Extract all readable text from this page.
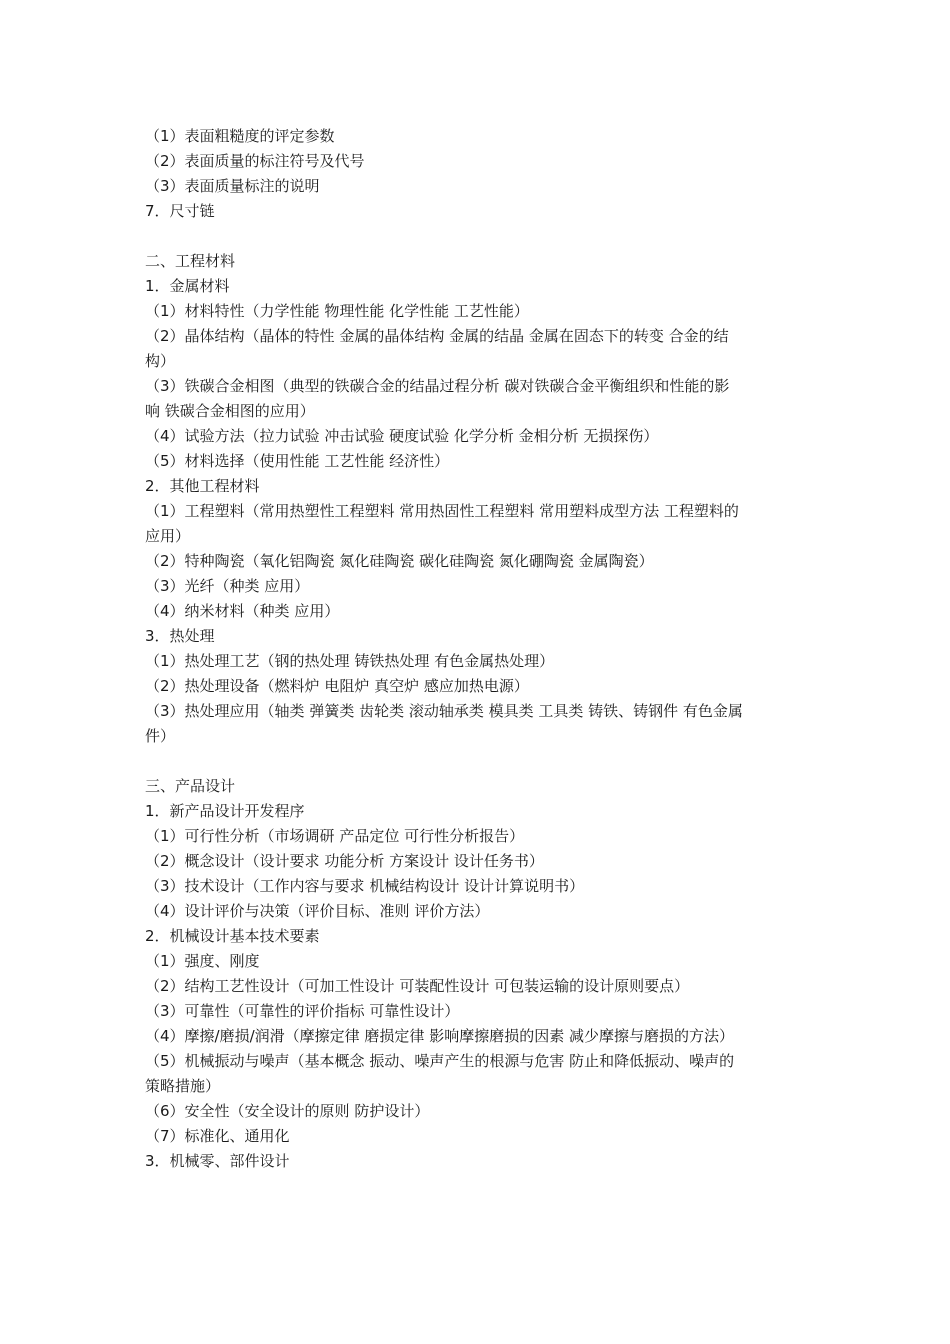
（1）表面粗糙度的评定参数
（2）表面质量的标注符号及代号
（3）表面质量标注的说明
7．尺寸链
二、工程材料
1．金属材料
（1）材料特性（力学性能 物理性能 化学性能 工艺性能）
（2）晶体结构（晶体的特性 金属的晶体结构 金属的结晶 金属在固态下的转变 合金的结
构）
（3）铁碳合金相图（典型的铁碳合金的结晶过程分析 碳对铁碳合金平衡组织和性能的影
响 铁碳合金相图的应用）
（4）试验方法（拉力试验 冲击试验 硬度试验 化学分析 金相分析 无损探伤）
（5）材料选择（使用性能 工艺性能 经济性）
2．其他工程材料
（1）工程塑料（常用热塑性工程塑料 常用热固性工程塑料 常用塑料成型方法 工程塑料的
应用）
（2）特种陶瓷（氧化铝陶瓷 氮化硅陶瓷 碳化硅陶瓷 氮化硼陶瓷 金属陶瓷）
（3）光纤（种类 应用）
（4）纳米材料（种类 应用）
3．热处理
（1）热处理工艺（钢的热处理 铸铁热处理 有色金属热处理）
（2）热处理设备（燃料炉 电阻炉 真空炉 感应加热电源）
（3）热处理应用（轴类 弹簧类 齿轮类 滚动轴承类 模具类 工具类 铸铁、铸钢件 有色金属
件）
三、产品设计
1．新产品设计开发程序
（1）可行性分析（市场调研 产品定位 可行性分析报告）
（2）概念设计（设计要求 功能分析 方案设计 设计任务书）
（3）技术设计（工作内容与要求 机械结构设计 设计计算说明书）
（4）设计评价与决策（评价目标、准则 评价方法）
2．机械设计基本技术要素
（1）强度、刚度
（2）结构工艺性设计（可加工性设计 可装配性设计 可包装运输的设计原则要点）
（3）可靠性（可靠性的评价指标 可靠性设计）
（4）摩擦/磨损/润滑（摩擦定律 磨损定律 影响摩擦磨损的因素 减少摩擦与磨损的方法）
（5）机械振动与噪声（基本概念 振动、噪声产生的根源与危害 防止和降低振动、噪声的
策略措施）
（6）安全性（安全设计的原则 防护设计）
（7）标准化、通用化
3．机械零、部件设计
